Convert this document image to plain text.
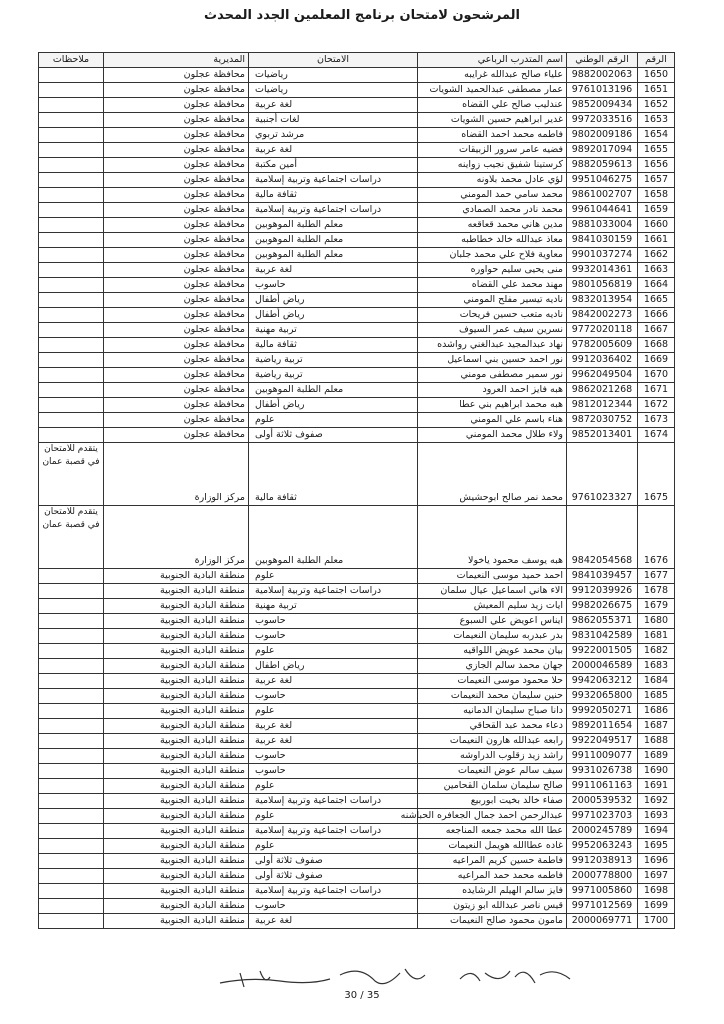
المرشحون لامتحان برنامج المعلمين الجدد المحدث
الرقم	الرقم الوطني	اسم المتدرب الرباعي	الامتحان	المديرية	ملاحظات
1650	9882002063	علياء صالح عبدالله غرايبه	رياضيات	محافظة عجلون	
1651	9761013196	عمار مصطفى عبدالحميد الشويات	رياضيات	محافظة عجلون	
1652	9852009434	عندليب صالح علي القضاه	لغة عربية	محافظة عجلون	
1653	9972033516	غدير ابراهيم حسين الشويات	لغات أجنبية	محافظة عجلون	
1654	9802009186	فاطمه محمد احمد القضاه	مرشد تربوي	محافظة عجلون	
1655	9892017094	فضيه عامر سرور الزبيقات	لغة عربية	محافظة عجلون	
1656	9882059613	كرستينا شفيق نجيب زواينه	أمين مكتبة	محافظة عجلون	
1657	9951046275	لؤي عادل محمد بلاونه	دراسات اجتماعية وتربية إسلامية	محافظة عجلون	
1658	9861002707	محمد سامي حمد المومني	ثقافة مالية	محافظة عجلون	
1659	9961044641	محمد نادر محمد الصمادي	دراسات اجتماعية وتربية إسلامية	محافظة عجلون	
1660	9881033004	مدين هاني محمد قعاقعه	معلم الطلبة الموهوبين	محافظة عجلون	
1661	9841030159	معاذ عبدالله خالد خطاطبه	معلم الطلبة الموهوبين	محافظة عجلون	
1662	9901037274	معاوية فلاح علي محمد جلبان	معلم الطلبة الموهوبين	محافظة عجلون	
1663	9932014361	منى يحيى سليم حواوره	لغة عربية	محافظة عجلون	
1664	9801056819	مهند محمد علي القضاه	حاسوب	محافظة عجلون	
1665	9832013954	ناديه تيسير مفلح المومني	رياض أطفال	محافظة عجلون	
1666	9842002273	ناديه متعب حسين فريحات	رياض أطفال	محافظة عجلون	
1667	9772020118	نسرين سيف عمر السيوف	تربية مهنية	محافظة عجلون	
1668	9782005609	نهاد عبدالمجيد عبدالغني رواشده	ثقافة مالية	محافظة عجلون	
1669	9912036402	نور احمد حسين بني اسماعيل	تربية رياضية	محافظة عجلون	
1670	9962049504	نور سمير مصطفى مومني	تربية رياضية	محافظة عجلون	
1671	9862021268	هبه فايز احمد العرود	معلم الطلبة الموهوبين	محافظة عجلون	
1672	9812012344	هبه محمد ابراهيم بني عطا	رياض أطفال	محافظة عجلون	
1673	9872030752	هناء باسم علي المومني	علوم	محافظة عجلون	
1674	9852013401	ولاء طلال محمد المومني	صفوف ثلاثة أولى	محافظة عجلون	
1675	9761023327	محمد نمر صالح ابوحشيش	ثقافة مالية	مركز الوزارة	يتقدم للامتحان في قصبة عمان
1676	9842054568	هبه يوسف محمود ياخولا	معلم الطلبة الموهوبين	مركز الوزارة	يتقدم للامتحان في قصبة عمان
1677	9841039457	احمد حميد موسى النعيمات	علوم	منطقة البادية الجنوبية	
1678	9912039926	الاء هاني اسماعيل عيال سلمان	دراسات اجتماعية وتربية إسلامية	منطقة البادية الجنوبية	
1679	9982026675	ايات زيد سليم المعيش	تربية مهنية	منطقة البادية الجنوبية	
1680	9862055371	ايناس اعويض علي السبوع	حاسوب	منطقة البادية الجنوبية	
1681	9831042589	بدر عبدربه سليمان النعيمات	حاسوب	منطقة البادية الجنوبية	
1682	9922001505	بيان محمد عويض اللواقيه	علوم	منطقة البادية الجنوبية	
1683	2000046589	جهان محمد سالم الجازي	رياض اطفال	منطقة البادية الجنوبية	
1684	9942063212	حلا محمود موسى النعيمات	لغة عربية	منطقة البادية الجنوبية	
1685	9932065800	حنين سليمان محمد النعيمات	حاسوب	منطقة البادية الجنوبية	
1686	9992050271	دانا صباح سليمان الدمانيه	علوم	منطقة البادية الجنوبية	
1687	9892011654	دعاء محمد عبد القحاقي	لغة عربية	منطقة البادية الجنوبية	
1688	9922049517	رابعه عبدالله هارون النعيمات	لغة عربية	منطقة البادية الجنوبية	
1689	9911009077	راشد زيد زقلوب الدراوشه	حاسوب	منطقة البادية الجنوبية	
1690	9931026738	سيف سالم عوض النعيمات	حاسوب	منطقة البادية الجنوبية	
1691	9911061163	صالح سليمان سلمان القحامين	علوم	منطقة البادية الجنوبية	
1692	2000539532	صفاء خالد بخيت ابوربيع	دراسات اجتماعية وتربية إسلامية	منطقة البادية الجنوبية	
1693	9971023703	عبدالرحمن احمد جمال الجعافره الحباشنه	علوم	منطقة البادية الجنوبية	
1694	2000245789	عطا الله محمد جمعه المناجعه	دراسات اجتماعية وتربية إسلامية	منطقة البادية الجنوبية	
1695	9952063243	غاده عطاالله هويمل النعيمات	علوم	منطقة البادية الجنوبية	
1696	9912038913	فاطمة حسين كريم المراعيه	صفوف ثلاثة أولى	منطقة البادية الجنوبية	
1697	2000778800	فاطمه محمد حمد المراعيه	صفوف ثلاثة أولى	منطقة البادية الجنوبية	
1698	9971005860	فايز سالم الهيلم الرشايده	دراسات اجتماعية وتربية إسلامية	منطقة البادية الجنوبية	
1699	9971012569	قيس ناصر عبدالله ابو زيتون	حاسوب	منطقة البادية الجنوبية	
1700	2000069771	مامون محمود صالح النعيمات	لغة عربية	منطقة البادية الجنوبية	
30 / 35
